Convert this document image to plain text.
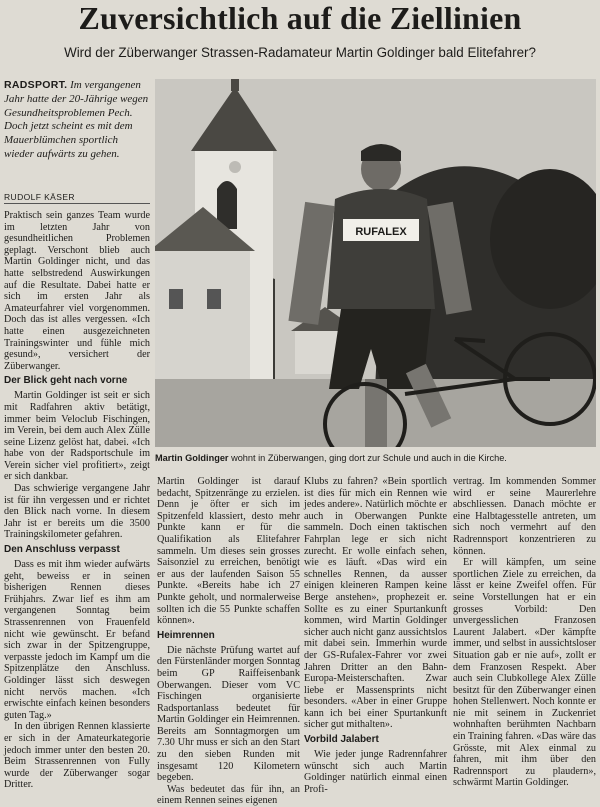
Zuversichtlich auf die Ziellinien
Wird der Züberwanger Strassen-Radamateur Martin Goldinger bald Elitefahrer?
RADSPORT. Im vergangenen Jahr hatte der 20-Jährige wegen Gesundheitsproblemen Pech. Doch jetzt scheint es mit dem Mauerblümchen sportlich wieder aufwärts zu gehen.
RUDOLF KÄSER
RUFALEX
Martin Goldinger wohnt in Züberwangen, ging dort zur Schule und auch in die Kirche.

Praktisch sein ganzes Team wurde im letzten Jahr von gesundheitlichen Problemen geplagt. Verschont blieb auch Martin Goldinger nicht, und das hatte selbstredend Auswirkungen auf die Resultate. Dabei hatte er sich im ersten Jahr als Amateurfahrer viel vorgenommen. Doch das ist alles vergessen. «Ich hatte einen ausgezeichneten Trainingswinter und fühle mich gesund», versichert der Züberwanger.

Der Blick geht nach vorne

Martin Goldinger ist seit er sich mit Radfahren aktiv betätigt, immer beim Veloclub Fischingen, im Verein, bei dem auch Alex Zülle seine Lizenz gelöst hat, dabei. «Ich habe von der Radsportschule im Verein sicher viel profitiert», zeigt er sich dankbar.

Das schwierige vergangene Jahr ist für ihn vergessen und er richtet den Blick nach vorne. In diesem Jahr ist er bereits um die 3500 Trainingskilometer gefahren.

Den Anschluss verpasst

Dass es mit ihm wieder aufwärts geht, beweiss er in seinen bisherigen Rennen dieses Frühjahrs. Zwar lief es ihm am vergangenen Sonntag beim Strassenrennen von Frauenfeld nicht wie gewünscht. Er befand sich zwar in der Spitzengruppe, verpasste jedoch im Kampf um die Spitzenplätze den Anschluss. Goldinger lässt sich deswegen nicht nervös machen. «Ich erwischte einfach keinen besonders guten Tag.»

In den übrigen Rennen klassierte er sich in der Amateurkategorie jedoch immer unter den besten 20. Beim Strassenrennen von Fully wurde der Züberwanger sogar Dritter.

Martin Goldinger ist darauf bedacht, Spitzenränge zu erzielen. Denn je öfter er sich im Spitzenfeld klassiert, desto mehr Punkte kann er für die Qualifikation als Elitefahrer sammeln. Um dieses sein grosses Saisonziel zu erreichen, benötigt er aus der laufenden Saison 55 Punkte. «Bereits habe ich 27 Punkte geholt, und normalerweise sollten ich die 55 Punkte schaffen können».

Heimrennen

Die nächste Prüfung wartet auf den Fürstenländer morgen Sonntag beim GP Raiffeisenbank Oberwangen. Dieser vom VC Fischingen organisierte Radsportanlass bedeutet für Martin Goldinger ein Heimrennen. Bereits am Sonntagmorgen um 7.30 Uhr muss er sich an den Start zu den sieben Runden mit insgesamt 120 Kilometern begeben.

Was bedeutet das für ihn, an einem Rennen seines eigenen

Klubs zu fahren? «Bein sportlich ist dies für mich ein Rennen wie jedes andere». Natürlich möchte er auch in Oberwangen Punkte sammeln. Doch einen taktischen Fahrplan lege er sich nicht zurecht. Er wolle einfach sehen, wie es läuft. «Das wird ein schnelles Rennen, da ausser einigen kleineren Rampen keine Berge anstehen», prophezeit er. Sollte es zu einer Spurtankunft kommen, wird Martin Goldinger sicher auch nicht ganz aussichtslos mit dabei sein. Immerhin wurde der GS-Rufalex-Fahrer vor zwei Jahren Dritter an den Bahn-Europa-Meisterschaften. Zwar liebe er Massensprints nicht besonders. «Aber in einer Gruppe kann ich bei einer Spurtankunft sicher gut mithalten».

Vorbild Jalabert

Wie jeder junge Radrennfahrer wünscht sich auch Martin Goldinger natürlich einmal einen Profi-

vertrag. Im kommenden Sommer wird er seine Maurerlehre abschliessen. Danach möchte er eine Halbtagesstelle antreten, um sich noch vermehrt auf den Radrennsport konzentrieren zu können.

Er will kämpfen, um seine sportlichen Ziele zu erreichen, da lässt er keine Zweifel offen. Für seine Vorstellungen hat er ein grosses Vorbild: Den unvergesslichen Franzosen Laurent Jalabert. «Der kämpfte immer, und selbst in aussichtsloser Situation gab er nie auf», zollt er dem Franzosen Respekt. Aber auch sein Clubkollege Alex Zülle besitzt für den Züberwanger einen hohen Stellenwert. Noch konnte er nie mit seinem in Zuckenriet wohnhaften berühmten Nachbarn ein Training fahren. «Das wäre das Grösste, mit Alex einmal zu fahren, mit ihm über den Radrennsport zu plaudern», schwärmt Martin Goldinger.
